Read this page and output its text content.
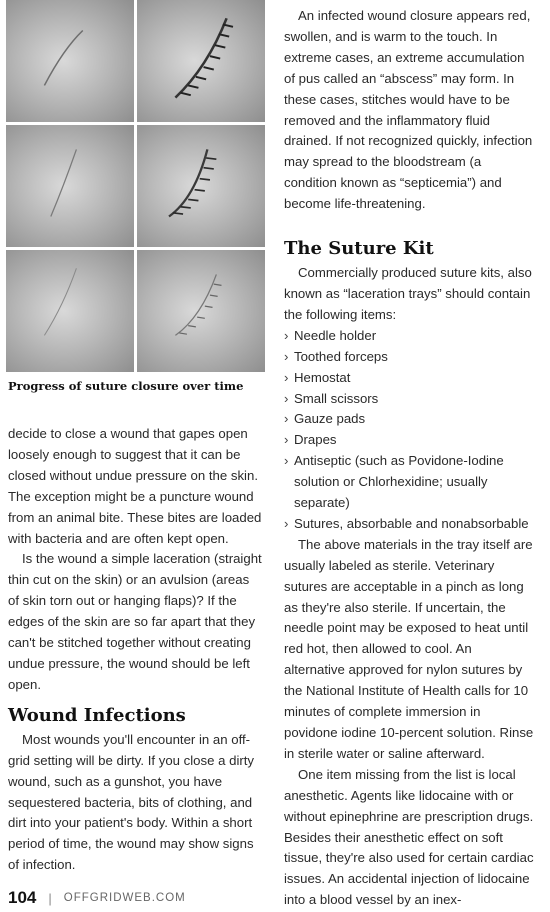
Progress of suture closure over time

decide to close a wound that gapes open loosely enough to suggest that it can be closed without undue pressure on the skin. The exception might be a puncture wound from an animal bite. These bites are loaded with bacteria and are often kept open.

Is the wound a simple laceration (straight thin cut on the skin) or an avulsion (areas of skin torn out or hanging flaps)? If the edges of the skin are so far apart that they can't be stitched together without creating undue pressure, the wound should be left open.

Wound Infections

Most wounds you'll encounter in an off-grid setting will be dirty. If you close a dirty wound, such as a gunshot, you have sequestered bacteria, bits of clothing, and dirt into your patient's body. Within a short period of time, the wound may show signs of infection.

An infected wound closure appears red, swollen, and is warm to the touch. In extreme cases, an extreme accumulation of pus called an “abscess” may form. In these cases, stitches would have to be removed and the inflammatory fluid drained. If not recognized quickly, infection may spread to the bloodstream (a condition known as “septicemia”) and become life-threatening.

The Suture Kit

Commercially produced suture kits, also known as “laceration trays” should contain the following items:

› Needle holder
› Toothed forceps
› Hemostat
› Small scissors
› Gauze pads
› Drapes
› Antiseptic (such as Povidone-Iodine solution or Chlorhexidine; usually separate)
› Sutures, absorbable and nonabsorbable

The above materials in the tray itself are usually labeled as sterile. Veterinary sutures are acceptable in a pinch as long as they're also sterile. If uncertain, the needle point may be exposed to heat until red hot, then allowed to cool. An alternative approved for nylon sutures by the National Institute of Health calls for 10 minutes of complete immersion in povidone iodine 10-percent solution. Rinse in sterile water or saline afterward.

One item missing from the list is local anesthetic. Agents like lidocaine with or without epinephrine are prescription drugs. Besides their anesthetic effect on soft tissue, they're also used for certain cardiac issues. An accidental injection of lidocaine into a blood vessel by an inex-

104 | OFFGRIDWEB.COM
